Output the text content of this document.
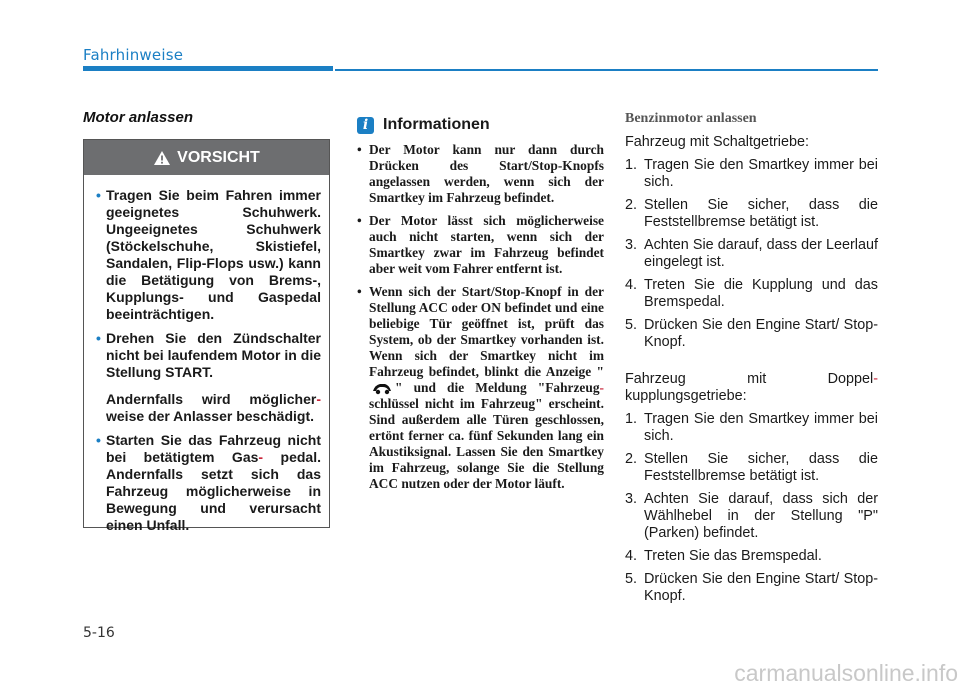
Fahrhinweise
Motor anlassen
VORSICHT

• Tragen Sie beim Fahren immer geeignetes Schuhwerk. Ungeeignetes Schuhwerk (Stöckelschuhe, Skistiefel, Sandalen, Flip-Flops usw.) kann die Betätigung von Brems-, Kupplungs- und Gaspedal beeinträchtigen.

• Drehen Sie den Zündschalter nicht bei laufendem Motor in die Stellung START.

Andernfalls wird möglicher- weise der Anlasser beschädigt.

• Starten Sie das Fahrzeug nicht bei betätigtem Gas- pedal. Andernfalls setzt sich das Fahrzeug möglicherweise in Bewegung und verursacht einen Unfall.

i Informationen
• Der Motor kann nur dann durch Drücken des Start/Stop-Knopfs angelassen werden, wenn sich der Smartkey im Fahrzeug befindet.
• Der Motor lässt sich möglicherweise auch nicht starten, wenn sich der Smartkey zwar im Fahrzeug befindet aber weit vom Fahrer entfernt ist.
• Wenn sich der Start/Stop-Knopf in der Stellung ACC oder ON befindet und eine beliebige Tür geöffnet ist, prüft das System, ob der Smartkey vorhanden ist. Wenn sich der Smartkey nicht im Fahrzeug befindet, blinkt die Anzeige "" und die Meldung "Fahrzeug- schlüssel nicht im Fahrzeug" erscheint. Sind außerdem alle Türen geschlossen, ertönt ferner ca. fünf Sekunden lang ein Akustiksignal. Lassen Sie den Smartkey im Fahrzeug, solange Sie die Stellung ACC nutzen oder der Motor läuft.
Benzinmotor anlassen

Fahrzeug mit Schaltgetriebe:

1. Tragen Sie den Smartkey immer bei sich.
2. Stellen Sie sicher, dass die Feststellbremse betätigt ist.
3. Achten Sie darauf, dass der Leerlauf eingelegt ist.
4. Treten Sie die Kupplung und das Bremspedal.
5. Drücken Sie den Engine Start/ Stop-Knopf.

Fahrzeug mit Doppel- kupplungsgetriebe:

1. Tragen Sie den Smartkey immer bei sich.
2. Stellen Sie sicher, dass die Feststellbremse betätigt ist.
3. Achten Sie darauf, dass sich der Wählhebel in der Stellung "P" (Parken) befindet.
4. Treten Sie das Bremspedal.
5. Drücken Sie den Engine Start/ Stop-Knopf.
5-16
carmanualsonline.info
